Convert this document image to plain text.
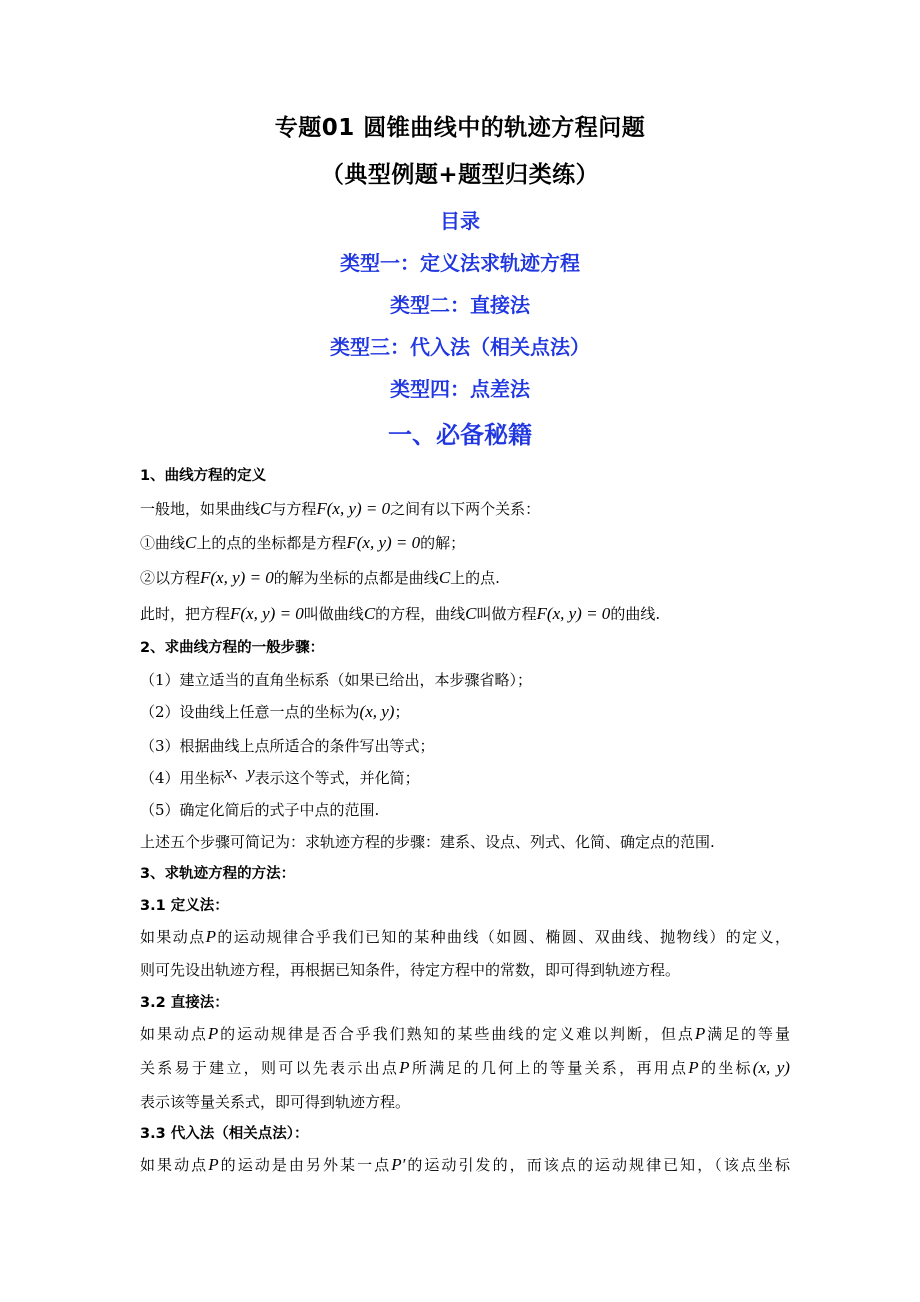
专题01 圆锥曲线中的轨迹方程问题
（典型例题+题型归类练）
目录
类型一：定义法求轨迹方程
类型二：直接法
类型三：代入法（相关点法）
类型四：点差法
一、必备秘籍
1、曲线方程的定义
一般地，如果曲线C与方程F(x, y) = 0之间有以下两个关系：
①曲线C上的点的坐标都是方程F(x, y) = 0的解；
②以方程F(x, y) = 0的解为坐标的点都是曲线C上的点.
此时，把方程F(x, y) = 0叫做曲线C的方程，曲线C叫做方程F(x, y) = 0的曲线.
2、求曲线方程的一般步骤：
（1）建立适当的直角坐标系（如果已给出，本步骤省略）；
（2）设曲线上任意一点的坐标为(x, y)；
（3）根据曲线上点所适合的条件写出等式；
（4）用坐标x、y表示这个等式，并化简；
（5）确定化简后的式子中点的范围.
上述五个步骤可简记为：求轨迹方程的步骤：建系、设点、列式、化简、确定点的范围.
3、求轨迹方程的方法：
3.1 定义法：
如果动点P的运动规律合乎我们已知的某种曲线（如圆、椭圆、双曲线、抛物线）的定义，
则可先设出轨迹方程，再根据已知条件，待定方程中的常数，即可得到轨迹方程。
3.2 直接法：
如果动点P的运动规律是否合乎我们熟知的某些曲线的定义难以判断，但点P满足的等量
关系易于建立，则可以先表示出点P所满足的几何上的等量关系，再用点P的坐标(x, y)
表示该等量关系式，即可得到轨迹方程。
3.3 代入法（相关点法）：
如果动点P的运动是由另外某一点P′的运动引发的，而该点的运动规律已知，（该点坐标
